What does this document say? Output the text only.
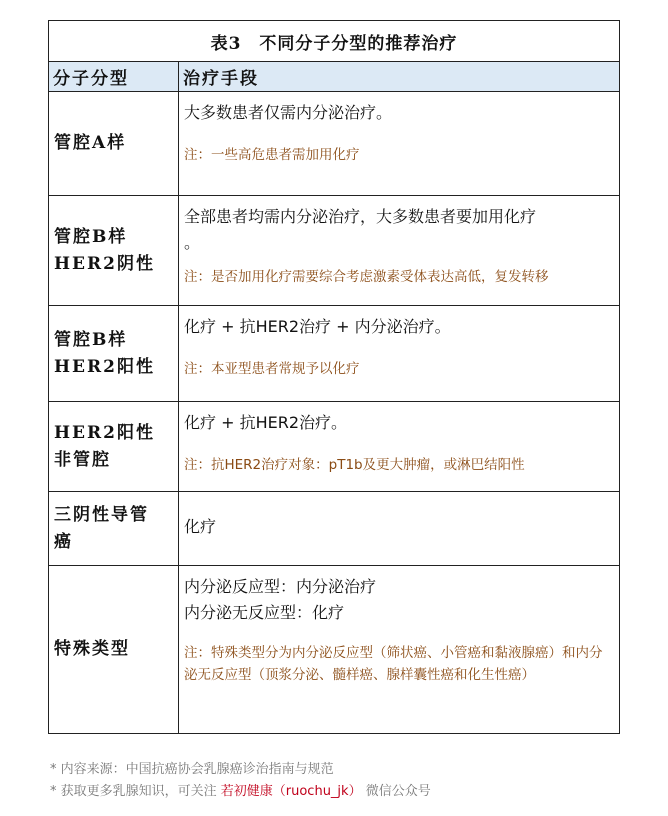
表3　不同分子分型的推荐治疗	
分子分型	治疗手段

管腔A样	大多数患者仅需内分泌治疗。
注：一些高危患者需加用化疗

管腔B样
HER2阴性	全部患者均需内分泌治疗，大多数患者要加用化疗
。
注：是否加用化疗需要综合考虑激素受体表达高低，复发转移

管腔B样
HER2阳性	化疗 + 抗HER2治疗 + 内分泌治疗。
注：本亚型患者常规予以化疗

HER2阳性
非管腔	化疗 + 抗HER2治疗。
注：抗HER2治疗对象：pT1b及更大肿瘤，或淋巴结阳性

三阴性导管
癌	化疗

特殊类型	内分泌反应型：内分泌治疗
内分泌无反应型：化疗
注：特殊类型分为内分泌反应型（筛状癌、小管癌和黏液腺癌）和内分泌无反应型（顶浆分泌、髓样癌、腺样囊性癌和化生性癌）
* 内容来源：中国抗癌协会乳腺癌诊治指南与规范
* 获取更多乳腺知识，可关注 若初健康（ruochu_jk） 微信公众号
